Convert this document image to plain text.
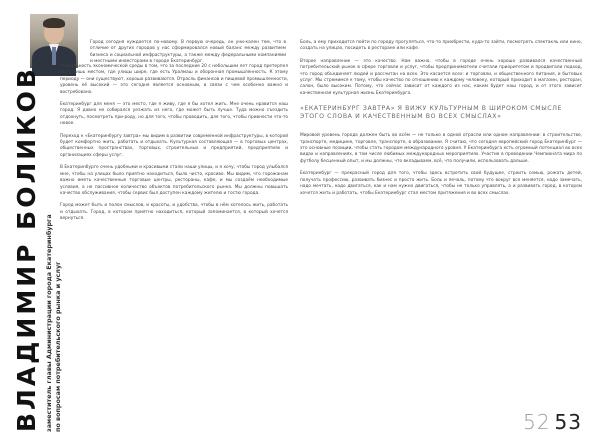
ВЛАДИМИР БОЛИКОВ заместитель главы Администрации города Екатеринбурга по вопросам потребительского рынка и услуг

Город сегодня нуждается по-новому. В первую очередь, он уни-кален тем, что в отличие от других городов у нас сформировался новый баланс между развитием бизнеса и социальной инфраструктуры, а также между федеральными компаниями и местными инвесторами в городе Екатеринбург.

Уникальность экономической среды в том, что за последние 20 с небольшим лет город претерпел быть лишь местом, где улицы шире, где есть Уралмаш и оборонная промышленность. К этому периоду — они существуют, хорошо развиваются. Отрасль финансов и пищевой промышленности, уровень её высокий — это сегодня является основным, в связи с чем особенно важно и востребовано.

Екатеринбург для меня — это место, где я живу, где я бы хотел жить. Мне очень нравится наш город. Я давно не собирался уезжать из него, где может быть лучше. Туда можно съездить отдохнуть, посмотреть при-роду, но для того, чтобы проводить, для того, чтобы привнести что-то новое.

Переход к «Екатеринбургу завтра» мы видим в развитии современной инфраструктуры, в которой будет комфортно жить, работать и отдыхать. Культурная составляющая — в торговых центрах, общественных пространствах, торговых, строительных и предприятий, предприятиях и организациях сферы услуг.

В Екатеринбурге очень удобными и красивыми стали наши улицы, и я хочу, чтобы город улыбался мне, чтобы на улицах было приятно находиться, было чисто, красиво. Мы видим, что горожанам важно иметь качественные торговые центры, рестораны, кафе, и мы создаём необходимые условия, а не пассивное количество объектов потребительского рынка. Мы должны повышать качество обслуживания, чтобы сервис был доступен каждому жителю и гостю города.

Город может быть и полон смыслов, и красоты, и удобства, чтобы в нём хотелось жить, работать и отдыхать. Город, в котором приятно находиться, который запоминается, в который хочется вернуться.

Боль, а ему приходится пойти по городу прогуляться, что-то приобрести, куда-то зайти, посмотреть спектакль или кино, создать на улицах, посидеть в ресторане или кафе.

Второе направление — это качество. Нам важно, чтобы в городе очень хорошо развивался качественный потребительский рынок в сфере торговли и услуг, чтобы предприниматели считали приоритетом и продвигали подход, что город объединяет людей и рассчитан на всех. Это касается всех: и торговли, и общественного питания, и бытовых услуг. Мы стремимся к тому, чтобы качество по отношению к каждому человеку, который приходит в магазин, ресторан, салон, было высоким. Потому, что сейчас зависит от каждого из нас, каким будет наш город, и от этого зависит качественная культурная жизнь Екатеринбурга.

«ЕКАТЕРИНБУРГ ЗАВТРА» Я ВИЖУ КУЛЬТУРНЫМ В ШИРОКОМ СМЫСЛЕ ЭТОГО СЛОВА И КАЧЕСТВЕННЫМ ВО ВСЕХ СМЫСЛАХ»

Мировой уровень города должен быть во всём — не только в одной отрасли или одном направлении: в строительстве, транспорте, медицине, торговле, транспорте, в образовании. Я считаю, что сегодня европейский город Екатеринбург — это основные позиции, чтобы стать городом международного уровня. У Екатеринбурга есть огромный потенциал во всех видах и направлениях, в том числе любимых международных мероприятиях. Участие в проведении Чемпионата мира по футболу бесценный опыт, и мы должны, что вкладываем, всё, что получили, использовать дальше.

Екатеринбург — прекрасный город для того, чтобы здесь встретить свой будущее, строить семью, рожать детей, получать профессию, развивать бизнес и просто жить. Боль и печаль, потому что вокруг все меняется, надо замечать, надо мечтать, надо двигаться, как и нам нужно двигаться, чтобы не только управлять, а и развивать город, в котором хочется жить и работать, чтобы Екатеринбург стал местом притяжения и во всех смыслах.

52 53
